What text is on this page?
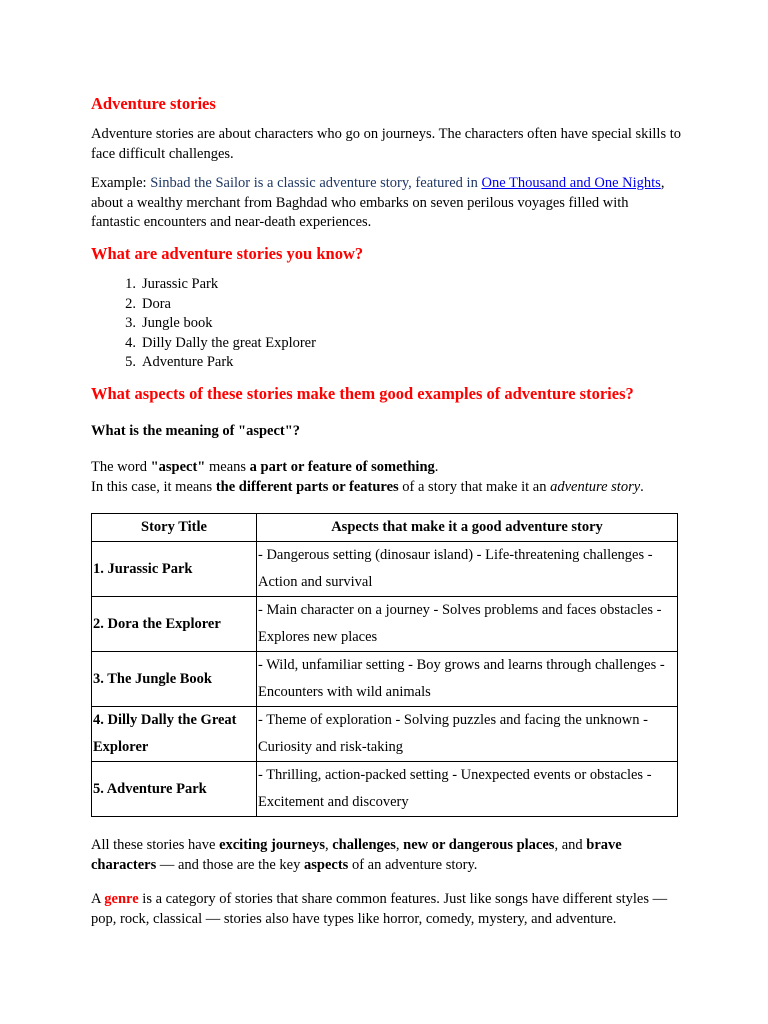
Adventure stories

Adventure stories are about characters who go on journeys. The characters often have special skills to face difficult challenges.

Example: Sinbad the Sailor is a classic adventure story, featured in One Thousand and One Nights, about a wealthy merchant from Baghdad who embarks on seven perilous voyages filled with fantastic encounters and near-death experiences.

What are adventure stories you know?
1. Jurassic Park
2. Dora
3. Jungle book
4. Dilly Dally the great Explorer
5. Adventure Park
What aspects of these stories make them good examples of adventure stories?
What is the meaning of "aspect"?

The word "aspect" means a part or feature of something.
In this case, it means the different parts or features of a story that make it an adventure story.

Story Title	Aspects that make it a good adventure story
1. Jurassic Park	- Dangerous setting (dinosaur island) - Life-threatening challenges - Action and survival
2. Dora the Explorer	- Main character on a journey - Solves problems and faces obstacles - Explores new places
3. The Jungle Book	- Wild, unfamiliar setting - Boy grows and learns through challenges - Encounters with wild animals
4. Dilly Dally the Great Explorer	- Theme of exploration - Solving puzzles and facing the unknown - Curiosity and risk-taking
5. Adventure Park	- Thrilling, action-packed setting - Unexpected events or obstacles - Excitement and discovery

All these stories have exciting journeys, challenges, new or dangerous places, and brave characters — and those are the key aspects of an adventure story.

A genre is a category of stories that share common features. Just like songs have different styles — pop, rock, classical — stories also have types like horror, comedy, mystery, and adventure.
